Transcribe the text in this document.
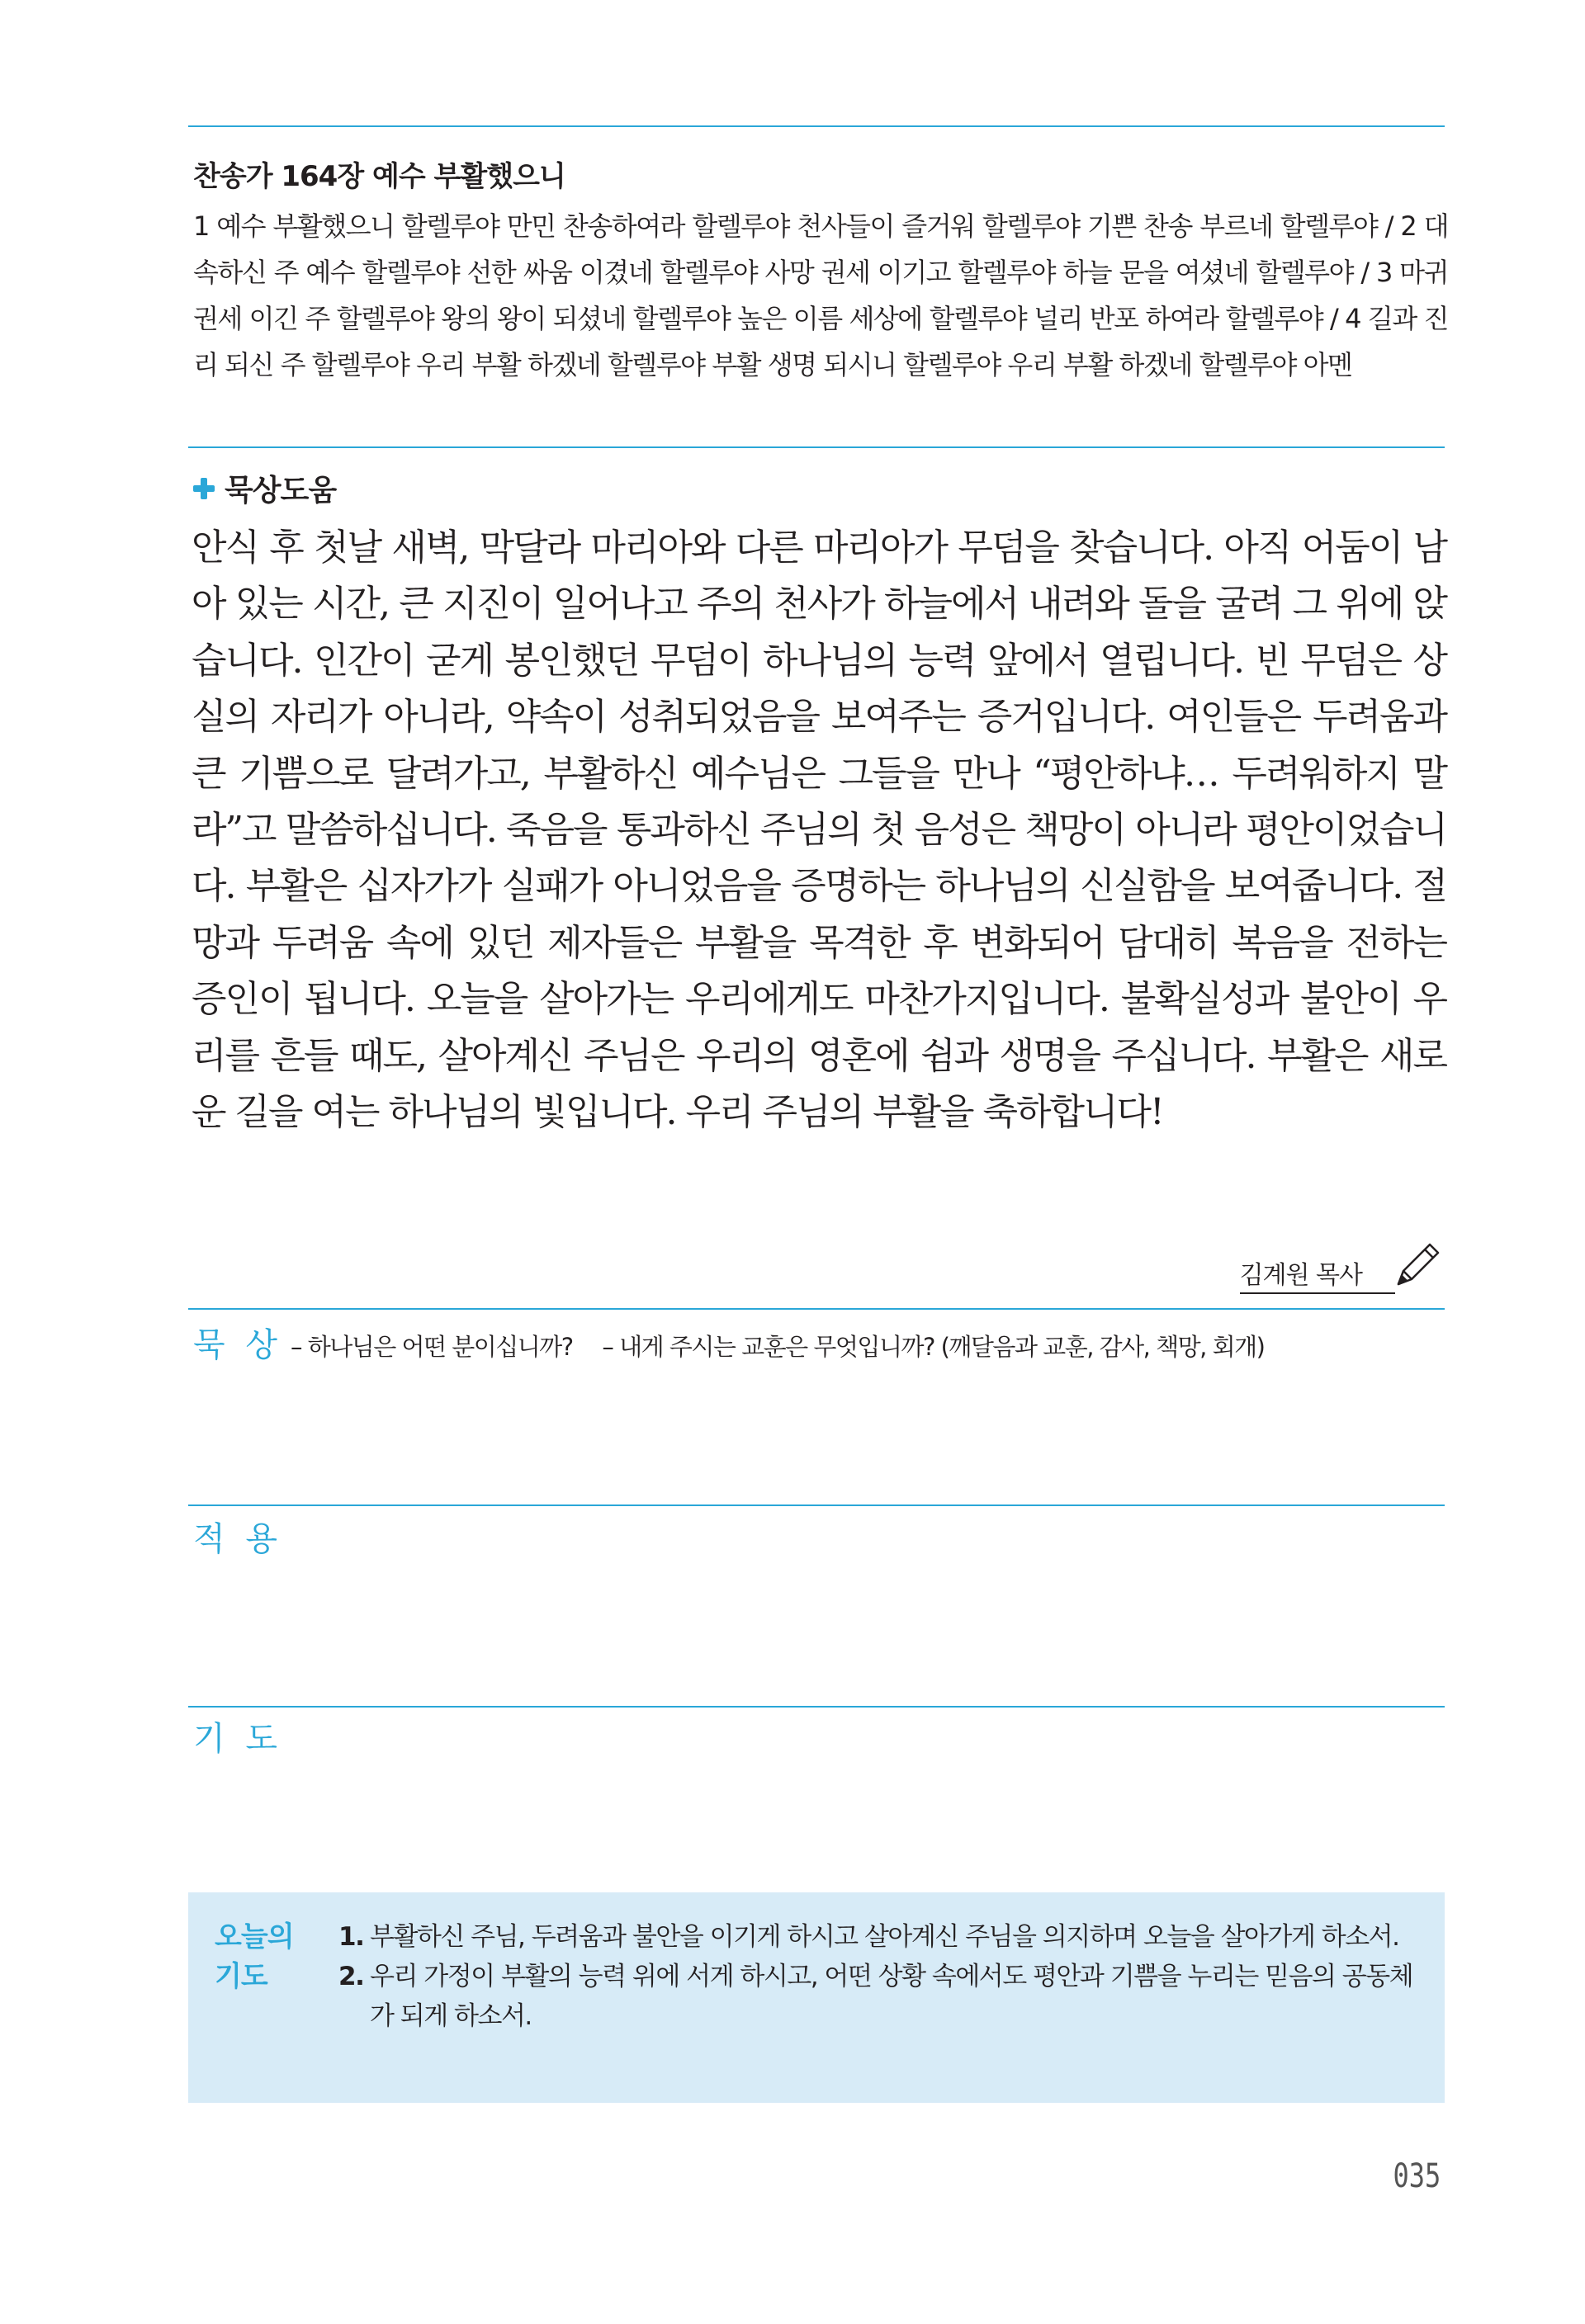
찬송가 164장 예수 부활했으니
1 예수 부활했으니 할렐루야 만민 찬송하여라 할렐루야 천사들이 즐거워 할렐루야 기쁜 찬송 부르네 할렐루야 / 2 대속하신 주 예수 할렐루야 선한 싸움 이겼네 할렐루야 사망 권세 이기고 할렐루야 하늘 문을 여셨네 할렐루야 / 3 마귀 권세 이긴 주 할렐루야 왕의 왕이 되셨네 할렐루야 높은 이름 세상에 할렐루야 널리 반포 하여라 할렐루야 / 4 길과 진리 되신 주 할렐루야 우리 부활 하겠네 할렐루야 부활 생명 되시니 할렐루야 우리 부활 하겠네 할렐루야 아멘
묵상도움
안식 후 첫날 새벽, 막달라 마리아와 다른 마리아가 무덤을 찾습니다. 아직 어둠이 남아 있는 시간, 큰 지진이 일어나고 주의 천사가 하늘에서 내려와 돌을 굴려 그 위에 앉습니다. 인간이 굳게 봉인했던 무덤이 하나님의 능력 앞에서 열립니다. 빈 무덤은 상실의 자리가 아니라, 약속이 성취되었음을 보여주는 증거입니다. 여인들은 두려움과 큰 기쁨으로 달려가고, 부활하신 예수님은 그들을 만나 “평안하냐… 두려워하지 말라”고 말씀하십니다. 죽음을 통과하신 주님의 첫 음성은 책망이 아니라 평안이었습니다. 부활은 십자가가 실패가 아니었음을 증명하는 하나님의 신실함을 보여줍니다. 절망과 두려움 속에 있던 제자들은 부활을 목격한 후 변화되어 담대히 복음을 전하는 증인이 됩니다. 오늘을 살아가는 우리에게도 마찬가지입니다. 불확실성과 불안이 우리를 흔들 때도, 살아계신 주님은 우리의 영혼에 쉼과 생명을 주십니다. 부활은 새로운 길을 여는 하나님의 빛입니다. 우리 주님의 부활을 축하합니다!
김계원 목사
묵 상 – 하나님은 어떤 분이십니까? – 내게 주시는 교훈은 무엇입니까? (깨달음과 교훈, 감사, 책망, 회개)
적 용
기 도
오늘의 기도
1. 부활하신 주님, 두려움과 불안을 이기게 하시고 살아계신 주님을 의지하며 오늘을 살아가게 하소서.
2. 우리 가정이 부활의 능력 위에 서게 하시고, 어떤 상황 속에서도 평안과 기쁨을 누리는 믿음의 공동체가 되게 하소서.
035
